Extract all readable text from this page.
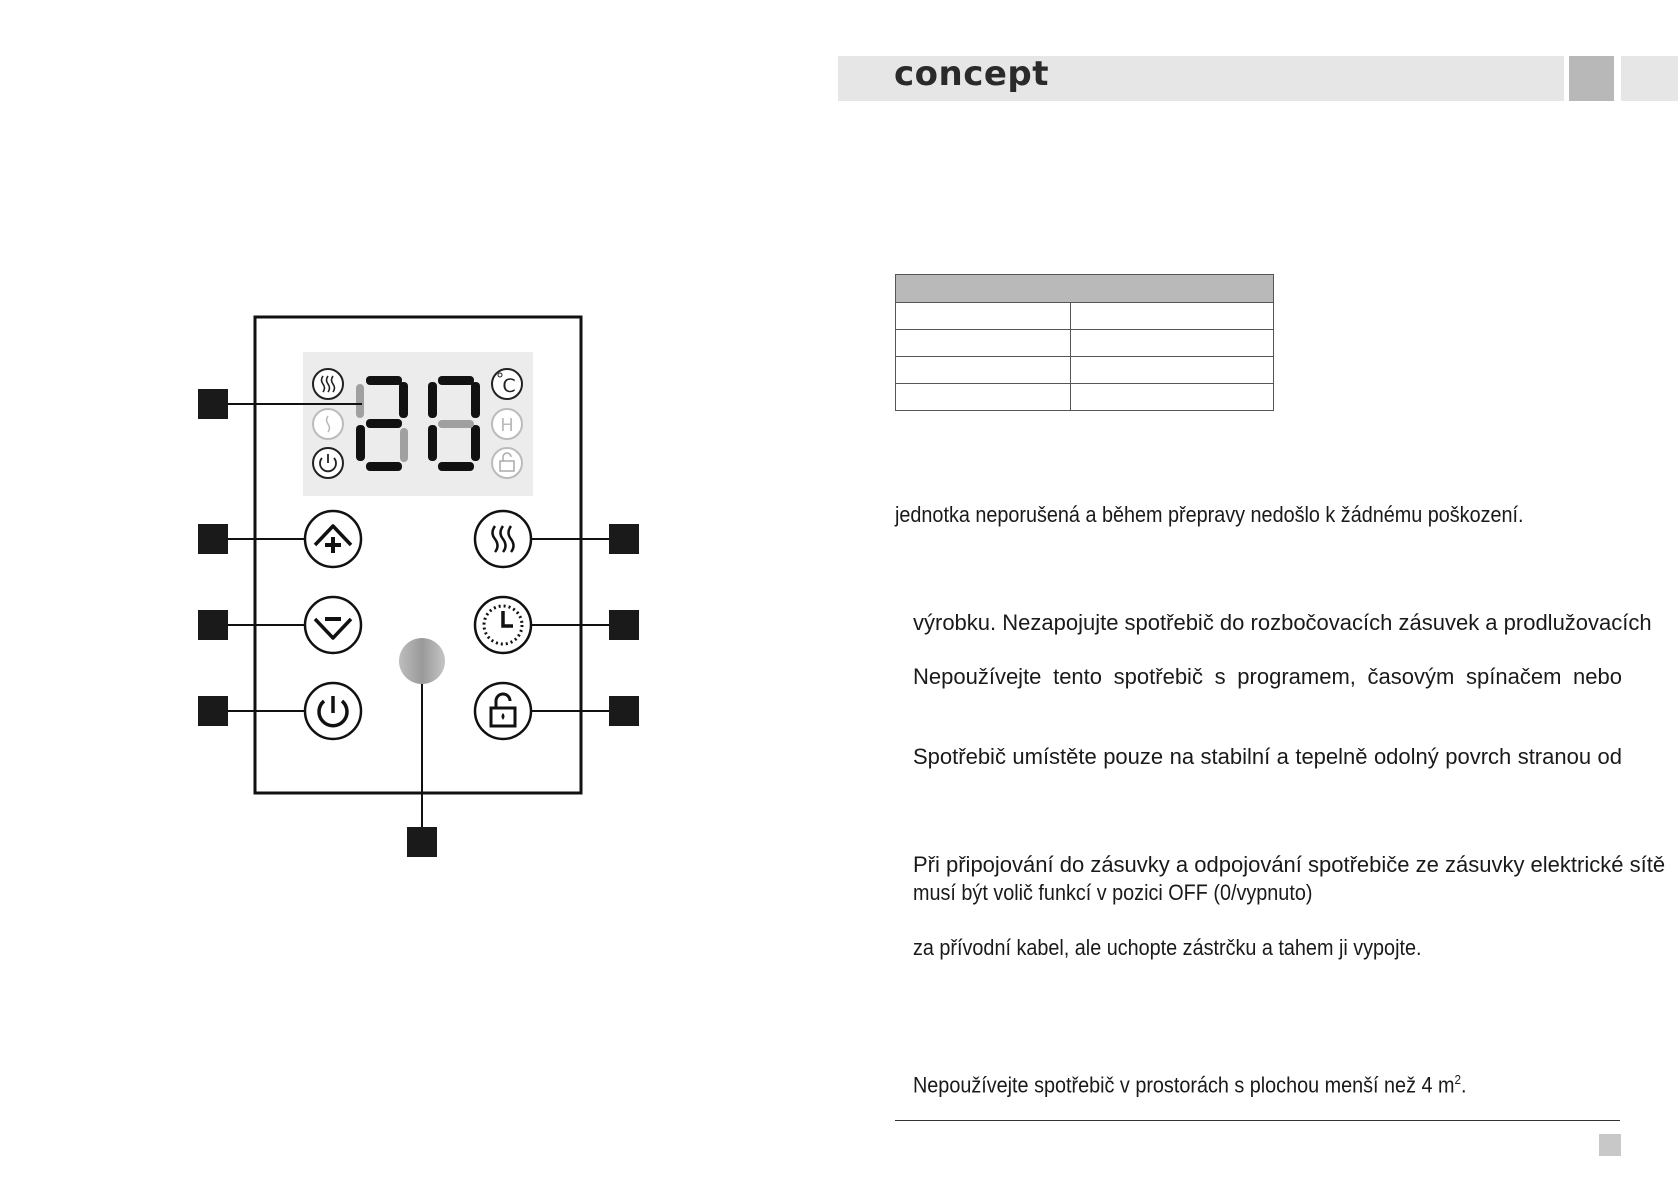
C
H
concept

jednotka neporušená a během přepravy nedošlo k žádnému poškození.
výrobku. Nezapojujte spotřebič do rozbočovacích zásuvek a prodlužovacích
Nepoužívejte tento spotřebič s programem, časovým spínačem nebo
Spotřebič umístěte pouze na stabilní a tepelně odolný povrch stranou od
Při připojování do zásuvky a odpojování spotřebiče ze zásuvky elektrické sítě
musí být volič funkcí v pozici OFF (0/vypnuto)
za přívodní kabel, ale uchopte zástrčku a tahem ji vypojte.
Nepoužívejte spotřebič v prostorách s plochou menší než 4 $m^2$.
